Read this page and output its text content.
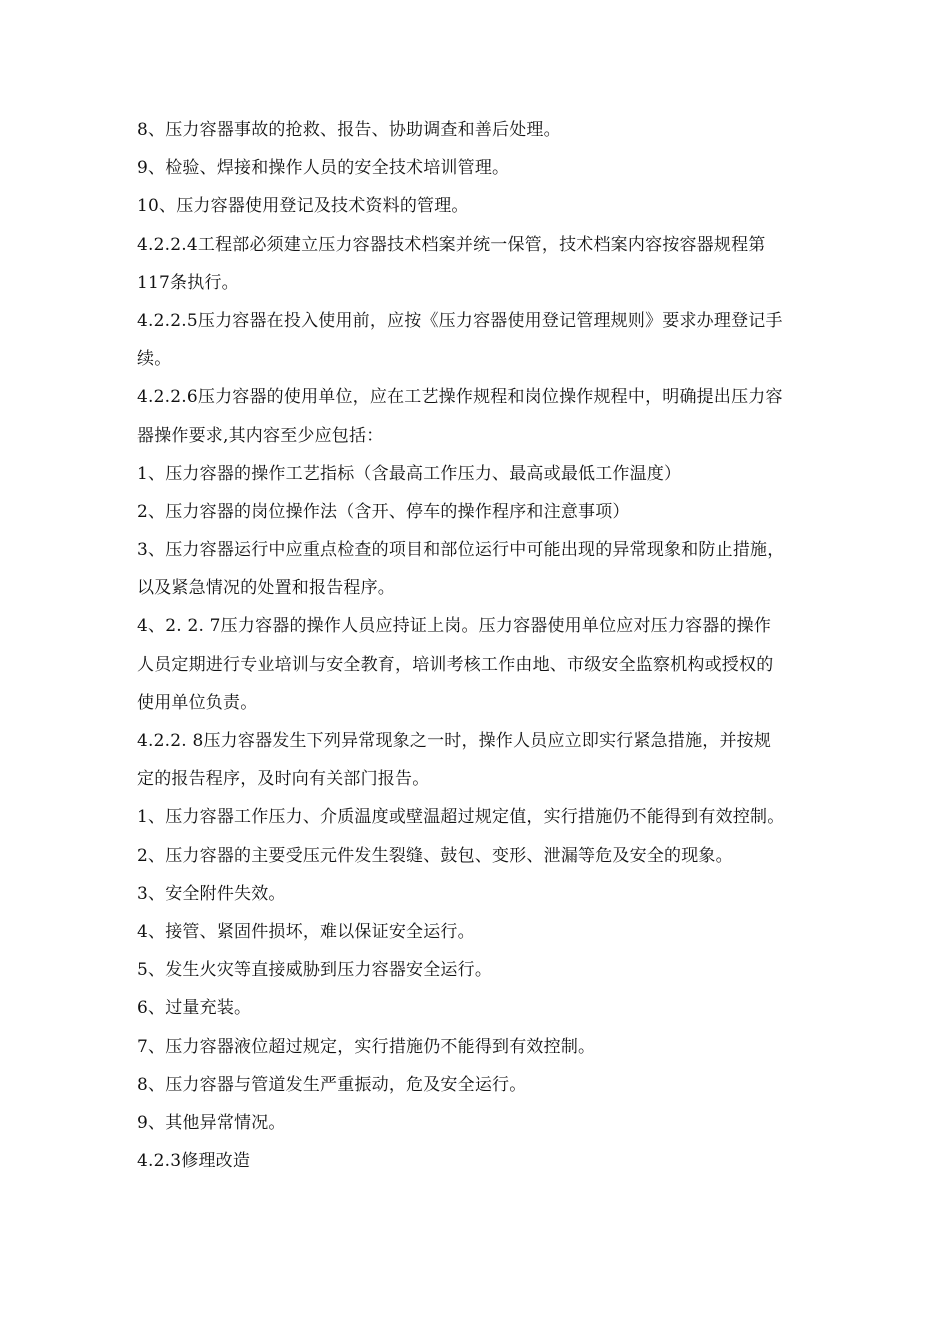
8、压力容器事故的抢救、报告、协助调查和善后处理。
9、检验、焊接和操作人员的安全技术培训管理。
10、压力容器使用登记及技术资料的管理。
4.2.2.4工程部必须建立压力容器技术档案并统一保管，技术档案内容按容器规程第
117条执行。
4.2.2.5压力容器在投入使用前，应按《压力容器使用登记管理规则》要求办理登记手
续。
4.2.2.6压力容器的使用单位，应在工艺操作规程和岗位操作规程中，明确提出压力容
器操作要求,其内容至少应包括：
1、压力容器的操作工艺指标（含最高工作压力、最高或最低工作温度）
2、压力容器的岗位操作法（含开、停车的操作程序和注意事项）
3、压力容器运行中应重点检查的项目和部位运行中可能出现的异常现象和防止措施，
以及紧急情况的处置和报告程序。
4、2. 2. 7压力容器的操作人员应持证上岗。压力容器使用单位应对压力容器的操作
人员定期进行专业培训与安全教育，培训考核工作由地、市级安全监察机构或授权的
使用单位负责。
4.2.2. 8压力容器发生下列异常现象之一时，操作人员应立即实行紧急措施，并按规
定的报告程序，及时向有关部门报告。
1、压力容器工作压力、介质温度或壁温超过规定值，实行措施仍不能得到有效控制。
2、压力容器的主要受压元件发生裂缝、鼓包、变形、泄漏等危及安全的现象。
3、安全附件失效。
4、接管、紧固件损坏，难以保证安全运行。
5、发生火灾等直接威胁到压力容器安全运行。
6、过量充装。
7、压力容器液位超过规定，实行措施仍不能得到有效控制。
8、压力容器与管道发生严重振动，危及安全运行。
9、其他异常情况。
4.2.3修理改造
